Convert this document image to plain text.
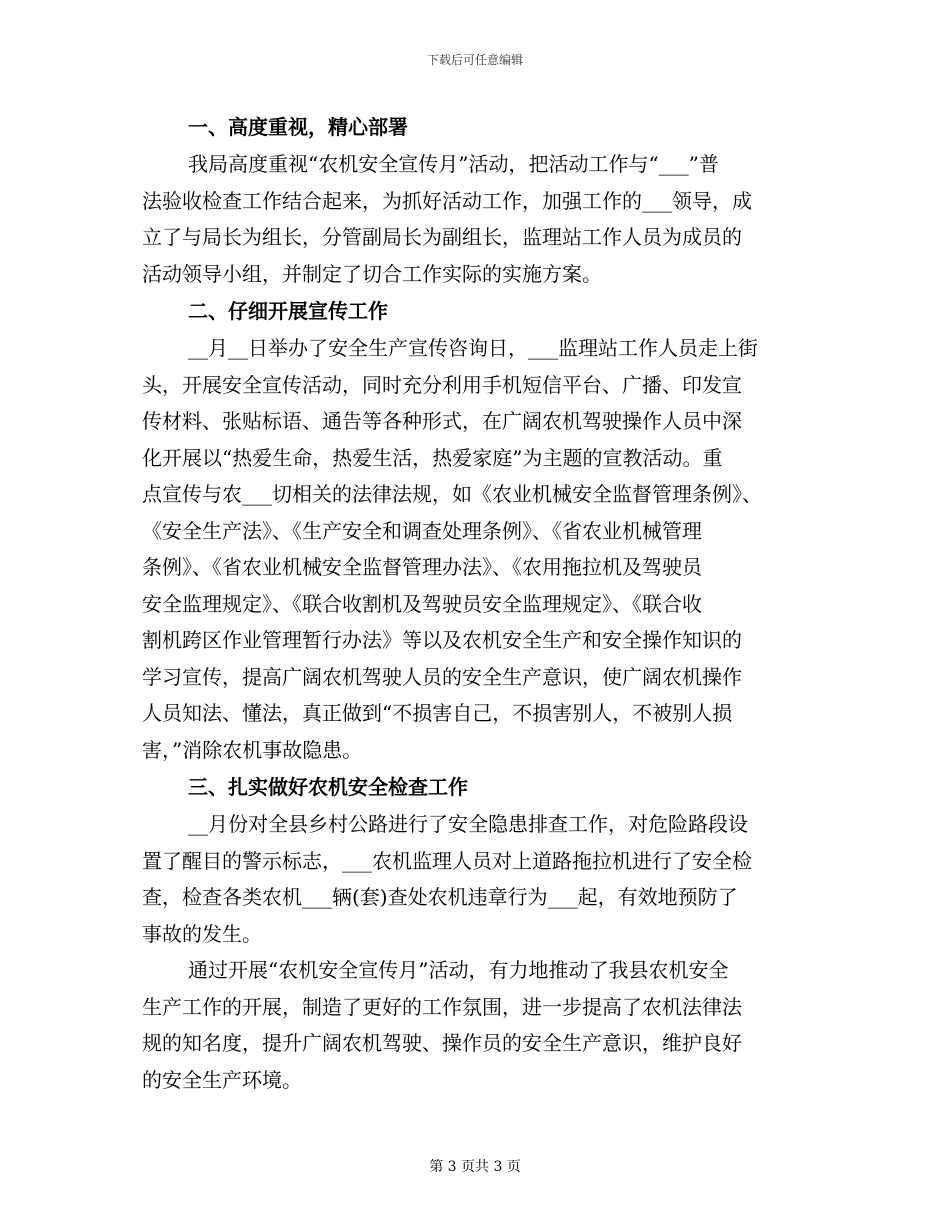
下载后可任意编辑
一、高度重视，精心部署

我局高度重视“农机安全宣传月”活动，把活动工作与“___”普
法验收检查工作结合起来，为抓好活动工作，加强工作的___领导，成
立了与局长为组长，分管副局长为副组长，监理站工作人员为成员的
活动领导小组，并制定了切合工作实际的实施方案。

二、仔细开展宣传工作

__月__日举办了安全生产宣传咨询日，___监理站工作人员走上街
头，开展安全宣传活动，同时充分利用手机短信平台、广播、印发宣
传材料、张贴标语、通告等各种形式，在广阔农机驾驶操作人员中深
化开展以“热爱生命，热爱生活，热爱家庭”为主题的宣教活动。重
点宣传与农___切相关的法律法规，如《农业机械安全监督管理条例》、
《安全生产法》、《生产安全和调查处理条例》、《省农业机械管理
条例》、《省农业机械安全监督管理办法》、《农用拖拉机及驾驶员
安全监理规定》、《联合收割机及驾驶员安全监理规定》、《联合收
割机跨区作业管理暂行办法》等以及农机安全生产和安全操作知识的
学习宣传，提高广阔农机驾驶人员的安全生产意识，使广阔农机操作
人员知法、懂法，真正做到“不损害自己，不损害别人，不被别人损
害，”消除农机事故隐患。

三、扎实做好农机安全检查工作

__月份对全县乡村公路进行了安全隐患排查工作，对危险路段设
置了醒目的警示标志，___农机监理人员对上道路拖拉机进行了安全检
查，检查各类农机___辆(套)查处农机违章行为___起，有效地预防了
事故的发生。

通过开展“农机安全宣传月”活动，有力地推动了我县农机安全
生产工作的开展，制造了更好的工作氛围，进一步提高了农机法律法
规的知名度，提升广阔农机驾驶、操作员的安全生产意识，维护良好
的安全生产环境。

第 3 页共 3 页
